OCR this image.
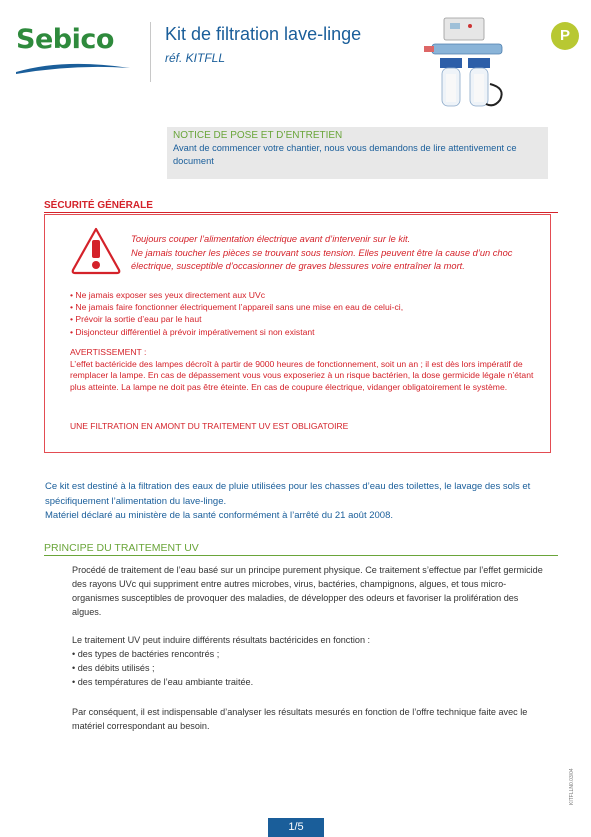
Sebico	Kit de filtration lave-linge
réf. KITFLL
P
NOTICE DE POSE ET D’ENTRETIEN
Avant de commencer votre chantier, nous vous demandons de lire attentivement ce document
SÉCURITÉ GÉNÉRALE
Toujours couper l’alimentation électrique avant d’intervenir sur le kit.
Ne jamais toucher les pièces se trouvant sous tension. Elles peuvent être la cause d’un choc électrique, susceptible d’occasionner de graves blessures voire entraîner la mort.
• Ne jamais exposer ses yeux directement aux UVc
• Ne jamais faire fonctionner électriquement l’appareil sans une mise en eau de celui-ci,
• Prévoir la sortie d’eau par le haut
• Disjoncteur différentiel à prévoir impérativement si non existant
AVERTISSEMENT :
L’effet bactéricide des lampes décroît à partir de 9000 heures de fonctionnement, soit un an ; il est dès lors impératif de remplacer la lampe. En cas de dépassement vous vous exposeriez à un risque bactérien, la dose germicide légale n’étant plus atteinte. La lampe ne doit pas être éteinte. En cas de coupure électrique, vidanger obligatoirement le système.
UNE FILTRATION EN AMONT DU TRAITEMENT UV EST OBLIGATOIRE
Ce kit est destiné à la filtration des eaux de pluie utilisées pour les chasses d’eau des toilettes, le lavage des sols et spécifiquement l’alimentation du lave-linge.
Matériel déclaré au ministère de la santé conformément à l’arrêté du 21 août 2008.
PRINCIPE DU TRAITEMENT UV
Procédé de traitement de l’eau basé sur un principe purement physique. Ce traitement s’effectue par l’effet germicide des rayons UVc qui suppriment entre autres microbes, virus, bactéries, champignons, algues, et tous micro-organismes susceptibles de provoquer des maladies, de développer des odeurs et favoriser la prolifération des algues.
Le traitement UV peut induire différents résultats bactéricides en fonction :
• des types de bactéries rencontrés ;
• des débits utilisés ;
• des températures de l’eau ambiante traitée.
Par conséquent, il est indispensable d’analyser les résultats mesurés en fonction de l’offre technique faite avec le matériel correspondant au besoin.
1/5
KITFLLN0.03/04
